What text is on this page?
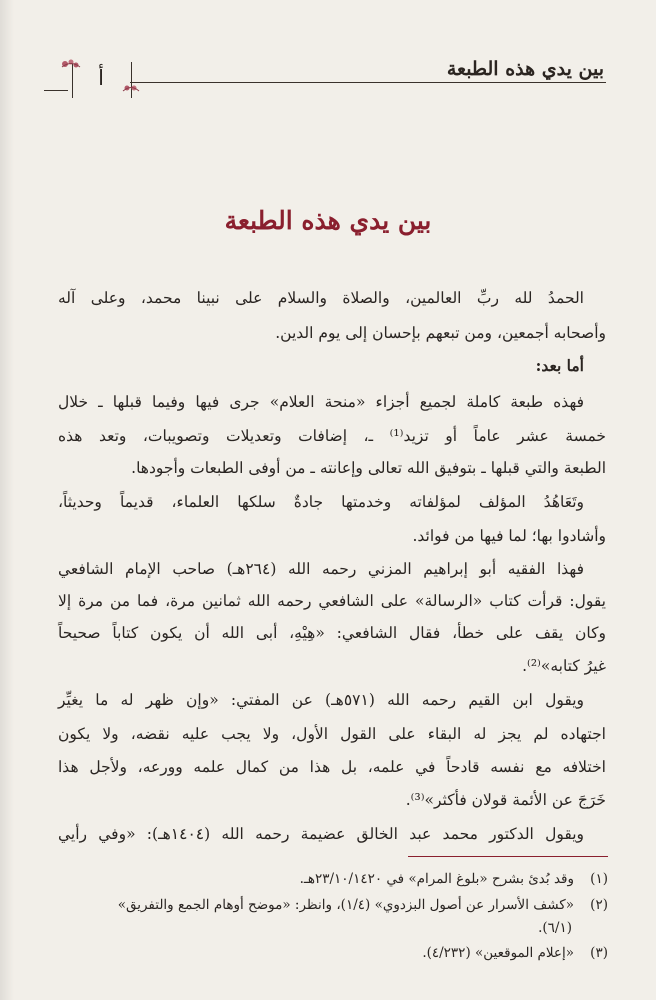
بين يدي هذه الطبعة
أ
بين يدي هذه الطبعة
الحمدُ لله ربِّ العالمين، والصلاة والسلام على نبينا محمد، وعلى آله
وأصحابه أجمعين، ومن تبعهم بإحسان إلى يوم الدين.
أما بعد:
فهذه طبعة كاملة لجميع أجزاء «منحة العلام» جرى فيها وفيما قبلها ـ خلال
خمسة عشر عاماً أو تزيد⁽¹⁾ ـ، إضافات وتعديلات وتصويبات، وتعد هذه
الطبعة والتي قبلها ـ بتوفيق الله تعالى وإعانته ـ من أوفى الطبعات وأجودها.
وتَعَاهُدُ المؤلف لمؤلفاته وخدمتها جادةٌ سلكها العلماء، قديماً وحديثاً،
وأشادوا بها؛ لما فيها من فوائد.
فهذا الفقيه أبو إبراهيم المزني رحمه الله (٢٦٤هـ) صاحب الإمام الشافعي
يقول: قرأت كتاب «الرسالة» على الشافعي رحمه الله ثمانين مرة، فما من مرة إلا
وكان يقف على خطأ، فقال الشافعي: «هِيْهِ، أبى الله أن يكون كتاباً صحيحاً
غيرُ كتابه»⁽²⁾.
ويقول ابن القيم رحمه الله (٥٧١هـ) عن المفتي: «وإن ظهر له ما يغيِّر
اجتهاده لم يجز له البقاء على القول الأول، ولا يجب عليه نقضه، ولا يكون
اختلافه مع نفسه قادحاً في علمه، بل هذا من كمال علمه وورعه، ولأجل هذا
خَرَجَ عن الأئمة قولان فأكثر»⁽³⁾.
ويقول الدكتور محمد عبد الخالق عضيمة رحمه الله (١٤٠٤هـ): «وفي رأيي
(١)وقد بُدئ بشرح «بلوغ المرام» في ٢٣/١٠/١٤٢٠هـ.
(٢)«كشف الأسرار عن أصول البزدوي» (١/٤)، وانظر: «موضح أوهام الجمع والتفريق»
(٦/١).
(٣)«إعلام الموقعين» (٤/٢٣٢).
